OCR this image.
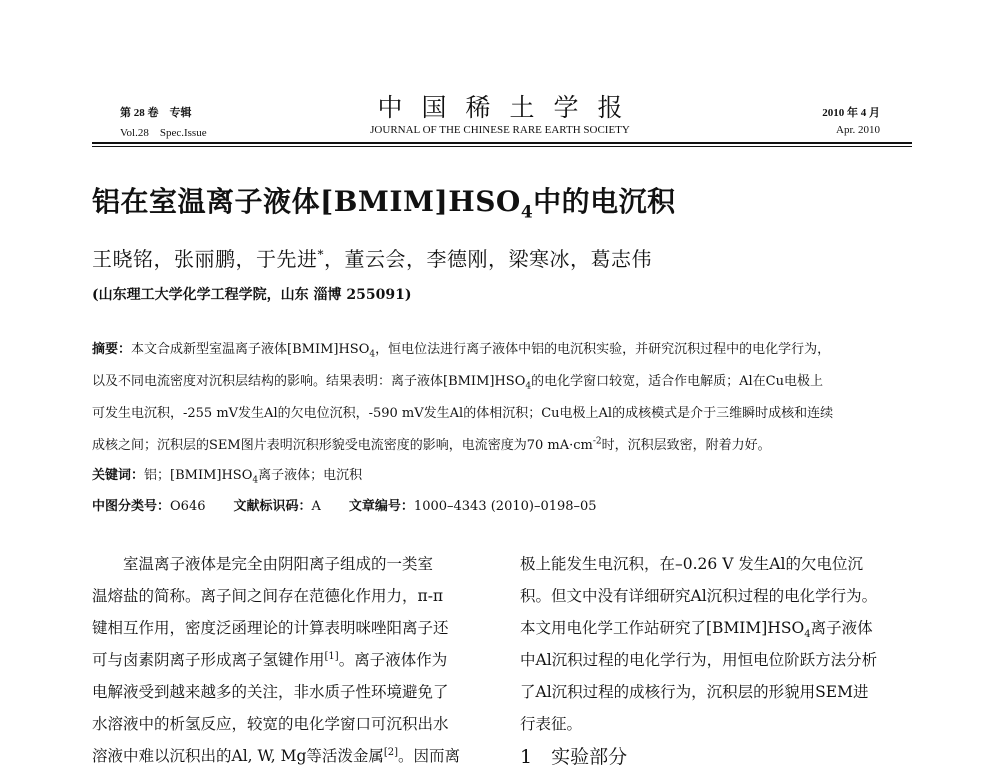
第 28 卷　专辑
Vol.28　Spec.Issue
中国稀土学报
JOURNAL OF THE CHINESE RARE EARTH SOCIETY
2010 年 4 月
Apr. 2010
铝在室温离子液体$[BMIM]HSO_4$中的电沉积
王晓铭，张丽鹏，于先进*，董云会，李德刚，梁寒冰，葛志伟
(山东理工大学化学工程学院，山东 淄博 255091)
摘要：本文合成新型室温离子液体$[BMIM]HSO_4$，恒电位法进行离子液体中铝的电沉积实验，并研究沉积过程中的电化学行为，
以及不同电流密度对沉积层结构的影响。结果表明：离子液体$[BMIM]HSO_4$的电化学窗口较宽，适合作电解质；Al在Cu电极上
可发生电沉积，-255 mV发生Al的欠电位沉积，-590 mV发生Al的体相沉积；Cu电极上Al的成核模式是介于三维瞬时成核和连续
成核之间；沉积层的SEM图片表明沉积形貌受电流密度的影响，电流密度为70 $mA\cdot cm^{-2}$时，沉积层致密，附着力好。
关键词：铝；$[BMIM]HSO_4$离子液体；电沉积
中图分类号：O646 文献标识码：A 文章编号：1000–4343 (2010)–0198–05
　　室温离子液体是完全由阴阳离子组成的一类室
温熔盐的简称。离子间之间存在范德化作用力，π-π
键相互作用，密度泛函理论的计算表明咪唑阳离子还
可与卤素阴离子形成离子氢键作用[1]。离子液体作为
电解液受到越来越多的关注，非水质子性环境避免了
水溶液中的析氢反应，较宽的电化学窗口可沉积出水
溶液中难以沉积出的Al, W, Mg等活泼金属[2]。因而离
极上能发生电沉积，在–0.26 V 发生Al的欠电位沉
积。但文中没有详细研究Al沉积过程的电化学行为。
本文用电化学工作站研究了$[BMIM]HSO_4$离子液体
中Al沉积过程的电化学行为，用恒电位阶跃方法分析
了Al沉积过程的成核行为，沉积层的形貌用SEM进
行表征。
1　实验部分
